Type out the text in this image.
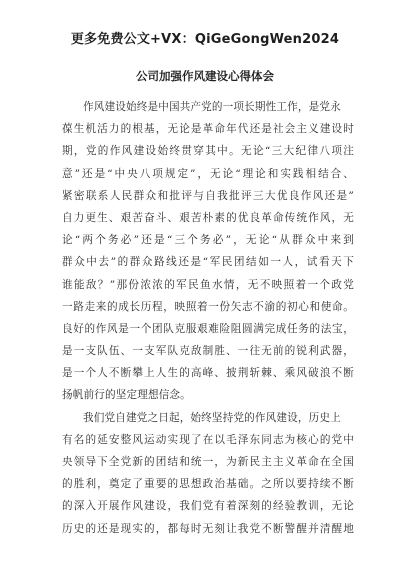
更多免费公文+VX：QiGeGongWen2024
公司加强作风建设心得体会
作风建设始终是中国共产党的一项长期性工作，是党永
葆生机活力的根基，无论是革命年代还是社会主义建设时
期，党的作风建设始终贯穿其中。无论“三大纪律八项注
意”还是“中央八项规定”，无论“理论和实践相结合、
紧密联系人民群众和批评与自我批评三大优良作风还是”
自力更生、艰苦奋斗、艰苦朴素的优良革命传统作风，无
论“两个务必”还是“三个务必”，无论“从群众中来到
群众中去”的群众路线还是“军民团结如一人，试看天下
谁能敌？”那份浓浓的军民鱼水情，无不映照着一个政党
一路走来的成长历程，映照着一份矢志不渝的初心和使命。
良好的作风是一个团队克服艰难险阻圆满完成任务的法宝，
是一支队伍、一支军队克敌制胜、一往无前的锐利武器，
是一个人不断攀上人生的高峰、披荆斩棘、乘风破浪不断
扬帆前行的坚定理想信念。
我们党自建党之日起，始终坚持党的作风建设，历史上
有名的延安整风运动实现了在以毛泽东同志为核心的党中
央领导下全党新的团结和统一，为新民主主义革命在全国
的胜利，奠定了重要的思想政治基础。之所以要持续不断
的深入开展作风建设，我们党有着深刻的经验教训，无论
历史的还是现实的，都每时无刻让我党不断警醒并清醒地
